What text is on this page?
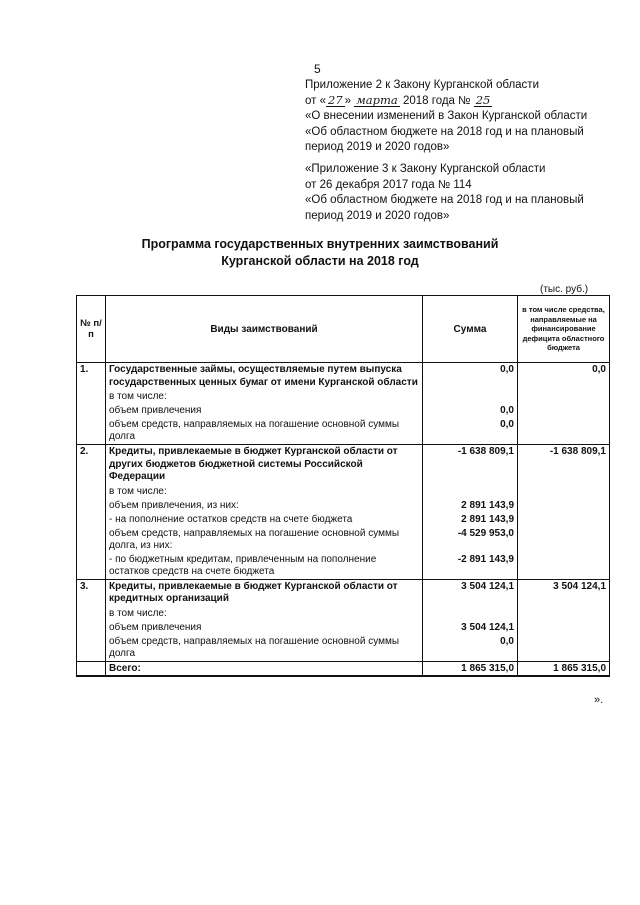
5
Приложение 2 к Закону Курганской области
от « 27 » марта 2018 года № 25
«О внесении изменений в Закон Курганской области
«Об областном бюджете на 2018 год и на плановый
период 2019 и 2020 годов»
«Приложение 3 к Закону Курганской области
от 26 декабря 2017 года № 114
«Об областном бюджете на 2018 год и на плановый
период 2019 и 2020 годов»
Программа государственных внутренних заимствований
Курганской области на 2018 год
(тыс. руб.)
№ п/п	Виды заимствований	Сумма	в том числе средства, направляемые на финансирование дефицита областного бюджета
1.	Государственные займы, осуществляемые путем выпуска государственных ценных бумаг от имени Курганской области	0,0	0,0
	в том числе:		
	объем привлечения	0,0	
	объем средств, направляемых на погашение основной суммы долга	0,0	
2.	Кредиты, привлекаемые в бюджет Курганской области от других бюджетов бюджетной системы Российской Федерации	-1 638 809,1	-1 638 809,1
	в том числе:		
	объем привлечения, из них:	2 891 143,9	
	- на пополнение остатков средств на счете бюджета	2 891 143,9	
	объем средств, направляемых на погашение основной суммы долга, из них:	-4 529 953,0	
	- по бюджетным кредитам, привлеченным на пополнение остатков средств на счете бюджета	-2 891 143,9	
3.	Кредиты, привлекаемые в бюджет Курганской области от кредитных организаций	3 504 124,1	3 504 124,1
	в том числе:		
	объем привлечения	3 504 124,1	
	объем средств, направляемых на погашение основной суммы долга	0,0	
	Всего:	1 865 315,0	1 865 315,0
».
